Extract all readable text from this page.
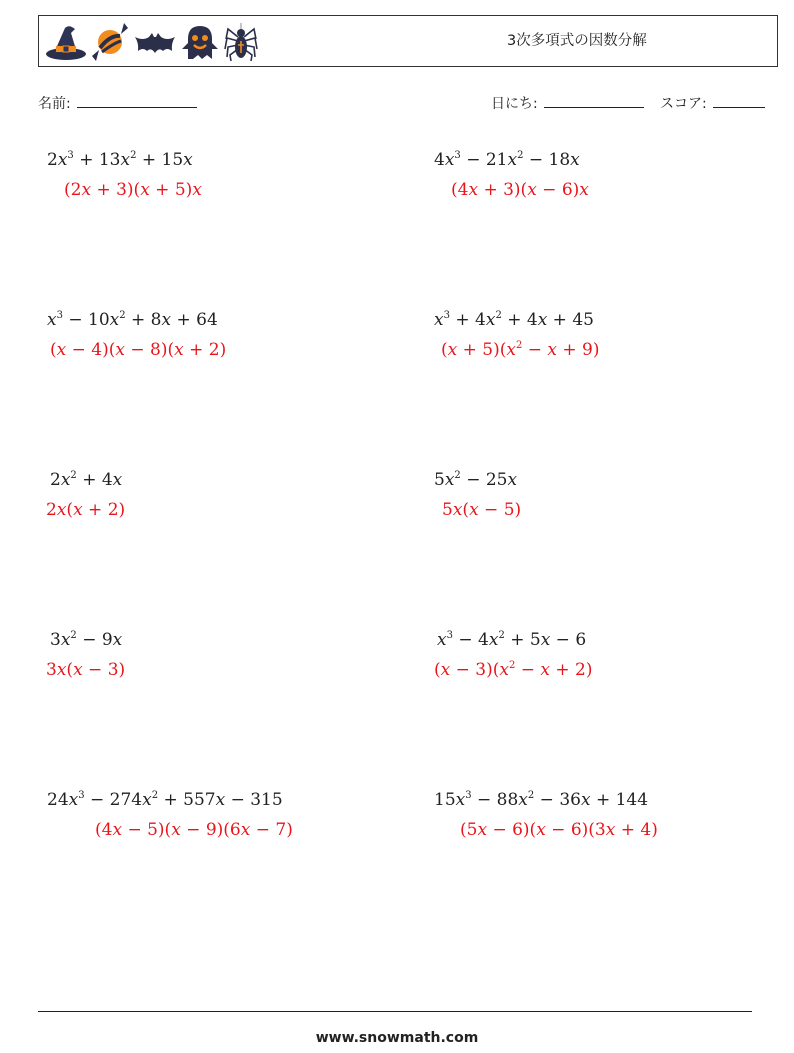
3次多項式の因数分解
名前:	日にち:	スコア:
$2x^3 + 13x^2 + 15x$
(2x + 3)(x + 5)x
$4x^3 - 21x^2 - 18x$
(4x + 3)(x − 6)x
$x^3 - 10x^2 + 8x + 64$
(x − 4)(x − 8)(x + 2)
$x^3 + 4x^2 + 4x + 45$
$(x + 5)(x^2 - x + 9)$
$2x^2 + 4x$
2x(x + 2)
$5x^2 - 25x$
5x(x − 5)
$3x^2 - 9x$
3x(x − 3)
$x^3 - 4x^2 + 5x - 6$
$(x - 3)(x^2 - x + 2)$
$24x^3 - 274x^2 + 557x - 315$
(4x − 5)(x − 9)(6x − 7)
$15x^3 - 88x^2 - 36x + 144$
(5x − 6)(x − 6)(3x + 4)
www.snowmath.com
